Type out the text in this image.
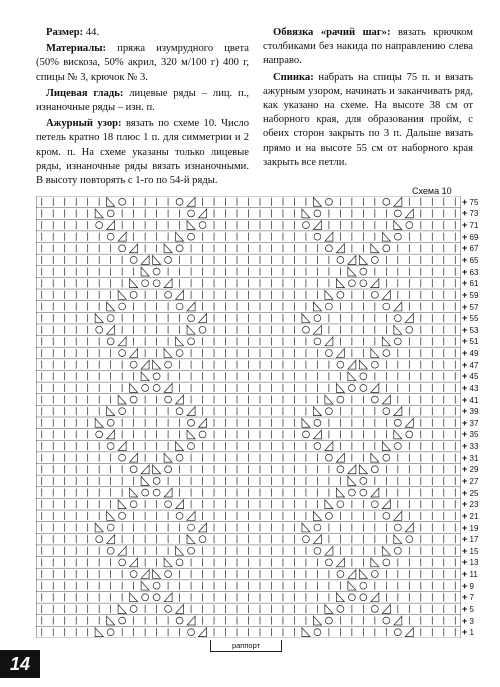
Размер: 44.

Материалы: пряжа изумрудного цвета (50% вискоза, 50% акрил, 320 м/100 г) 400 г, спицы № 3, крючок № 3.

Лицевая гладь: лицевые ряды – лиц. п., изнаночные ряды – изн. п.

Ажурный узор: вязать по схеме 10. Число петель кратно 18 плюс 1 п. для симметрии и 2 кром. п. На схеме указаны только лицевые ряды, изнаночные ряды вязать изнаночными. В высоту повторять с 1-го по 54-й ряды.

Обвязка «рачий шаг»: вязать крючком столбиками без накида по направлению слева направо.

Спинка: набрать на спицы 75 п. и вязать ажурным узором, начинать и заканчивать ряд, как указано на схеме. На высоте 38 см от наборного края, для образования пройм, с обеих сторон закрыть по 3 п. Дальше вязать прямо и на высоте 55 см от наборного края закрыть все петли.

Схема 10
+ 75
+ 73
+ 71
+ 69
+ 67
+ 65
+ 63
+ 61
+ 59
+ 57
+ 55
+ 53
+ 51
+ 49
+ 47
+ 45
+ 43
+ 41
+ 39
+ 37
+ 35
+ 33
+ 31
+ 29
+ 27
+ 25
+ 23
+ 21
+ 19
+ 17
+ 15
+ 13
+ 11
+ 9
+ 7
+ 5
+ 3
+ 1
раппорт
14
